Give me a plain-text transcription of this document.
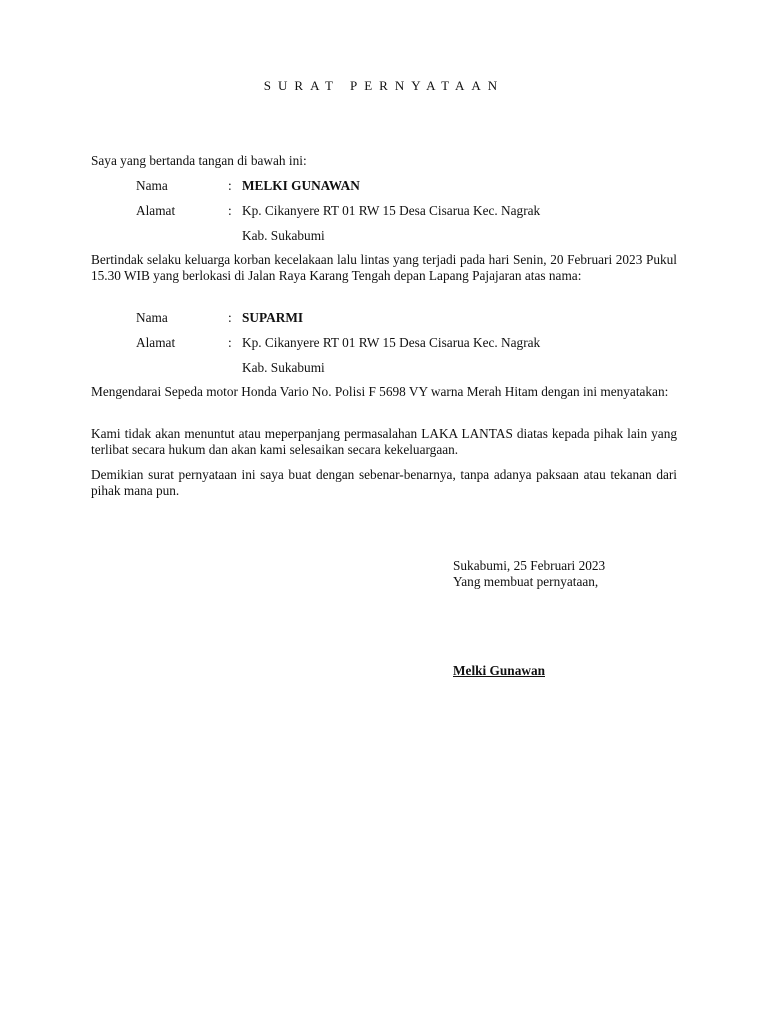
SURAT PERNYATAAN
Saya yang bertanda tangan di bawah ini:
Nama	: MELKI GUNAWAN
Alamat	: Kp. Cikanyere RT 01 RW 15 Desa Cisarua Kec. Nagrak
Kab. Sukabumi
Bertindak selaku keluarga korban kecelakaan lalu lintas yang terjadi pada hari Senin, 20 Februari 2023 Pukul 15.30 WIB yang berlokasi di Jalan Raya Karang Tengah depan Lapang Pajajaran atas nama:
Nama	: SUPARMI
Alamat	: Kp. Cikanyere RT 01 RW 15 Desa Cisarua Kec. Nagrak
Kab. Sukabumi
Mengendarai Sepeda motor Honda Vario No. Polisi F 5698 VY warna Merah Hitam dengan ini menyatakan:
Kami tidak akan menuntut atau meperpanjang permasalahan LAKA LANTAS diatas kepada pihak lain yang terlibat secara hukum dan akan kami selesaikan secara kekeluargaan.
Demikian surat pernyataan ini saya buat dengan sebenar-benarnya, tanpa adanya paksaan atau tekanan dari pihak mana pun.
Sukabumi, 25 Februari 2023
Yang membuat pernyataan,
Melki Gunawan
